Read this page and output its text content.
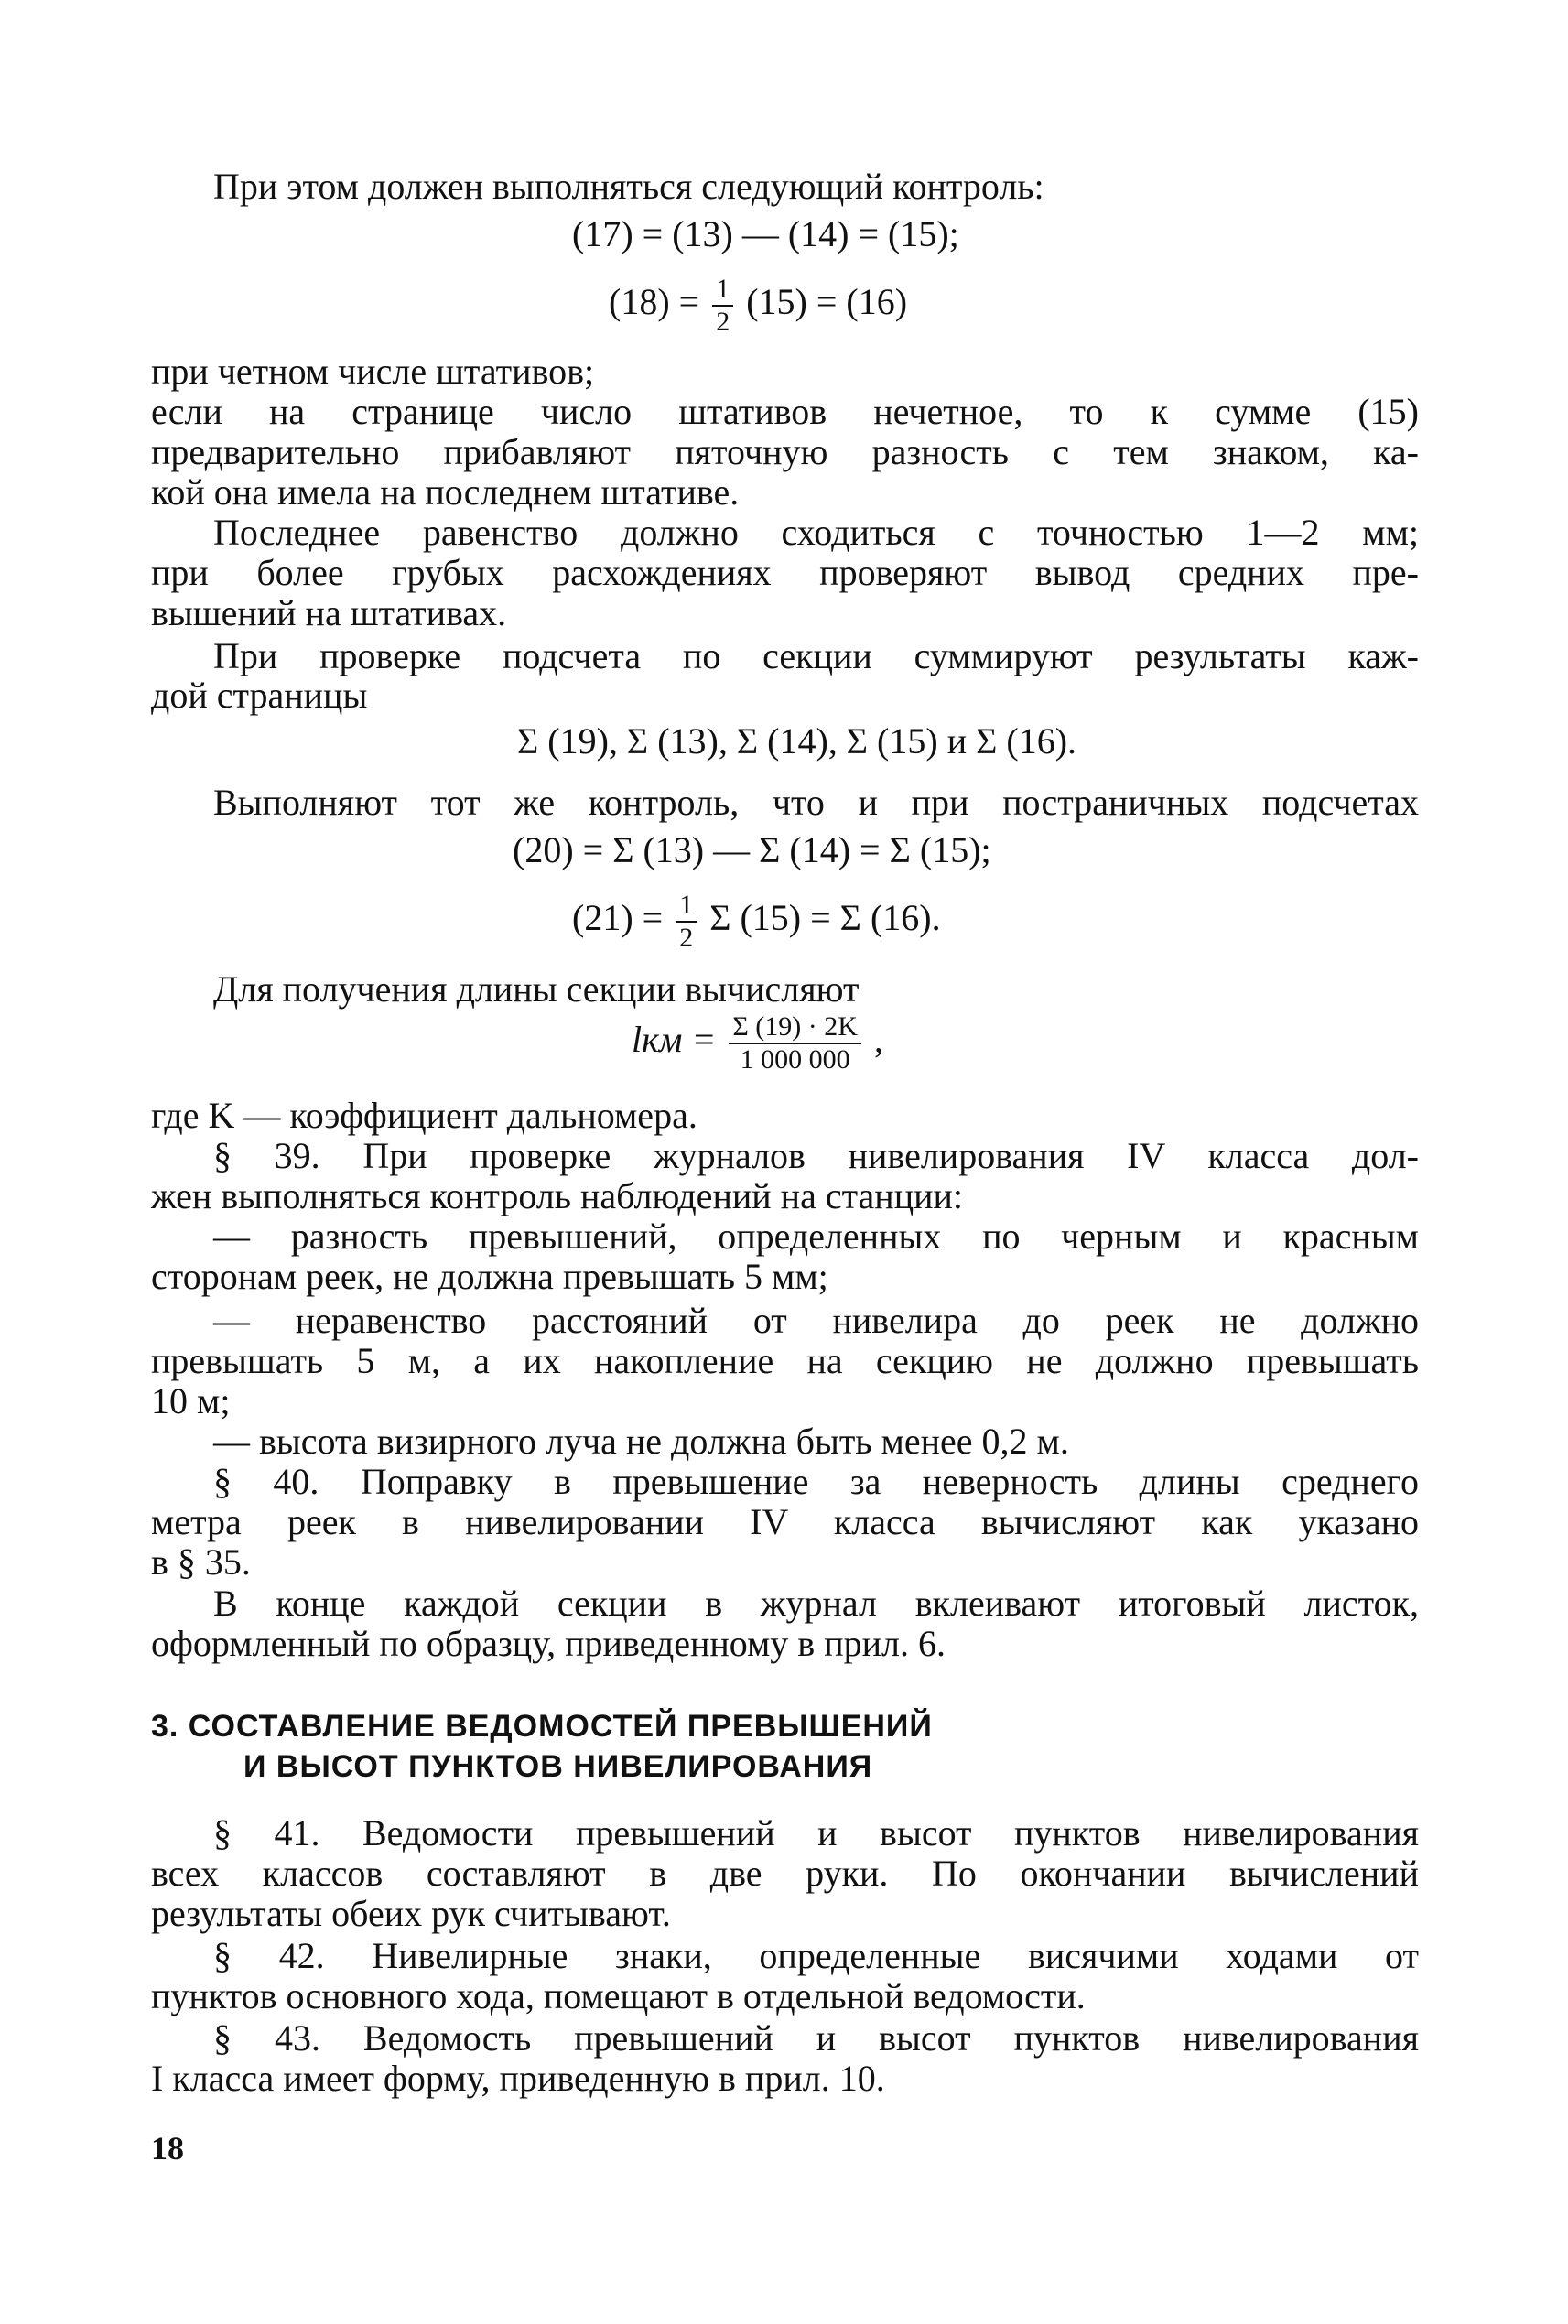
При этом должен выполняться следующий контроль:
при четном числе штативов;
если на странице число штативов нечетное, то к сумме (15)
предварительно прибавляют пяточную разность с тем знаком, ка-
кой она имела на последнем штативе.
Последнее равенство должно сходиться с точностью 1—2 мм;
при более грубых расхождениях проверяют вывод средних пре-
вышений на штативах.
При проверке подсчета по секции суммируют результаты каж-
дой страницы
Выполняют тот же контроль, что и при постраничных подсчетах
Для получения длины секции вычисляют
где K — коэффициент дальномера.
§ 39. При проверке журналов нивелирования IV класса дол-
жен выполняться контроль наблюдений на станции:
— разность превышений, определенных по черным и красным
сторонам реек, не должна превышать 5 мм;
— неравенство расстояний от нивелира до реек не должно
превышать 5 м, а их накопление на секцию не должно превышать
10 м;
— высота визирного луча не должна быть менее 0,2 м.
§ 40. Поправку в превышение за неверность длины среднего
метра реек в нивелировании IV класса вычисляют как указано
в § 35.
В конце каждой секции в журнал вклеивают итоговый листок,
оформленный по образцу, приведенному в прил. 6.
§ 41. Ведомости превышений и высот пунктов нивелирования
всех классов составляют в две руки. По окончании вычислений
результаты обеих рук считывают.
§ 42. Нивелирные знаки, определенные висячими ходами от
пунктов основного хода, помещают в отдельной ведомости.
§ 43. Ведомость превышений и высот пунктов нивелирования
I класса имеет форму, приведенную в прил. 10.
(17) = (13) — (14) = (15);
$(18) = \frac{1}{2} (15) = (16)$
Σ (19), Σ (13), Σ (14), Σ (15) и Σ (16).
(20) = Σ (13) — Σ (14) = Σ (15);
$(21) = \frac{1}{2}$ Σ (15) = Σ (16).
lкм = $\frac{\Sigma (19) \cdot 2K}{1 000 000}$ ,
3. СОСТАВЛЕНИЕ ВЕДОМОСТЕЙ ПРЕВЫШЕНИЙ
И ВЫСОТ ПУНКТОВ НИВЕЛИРОВАНИЯ
18
